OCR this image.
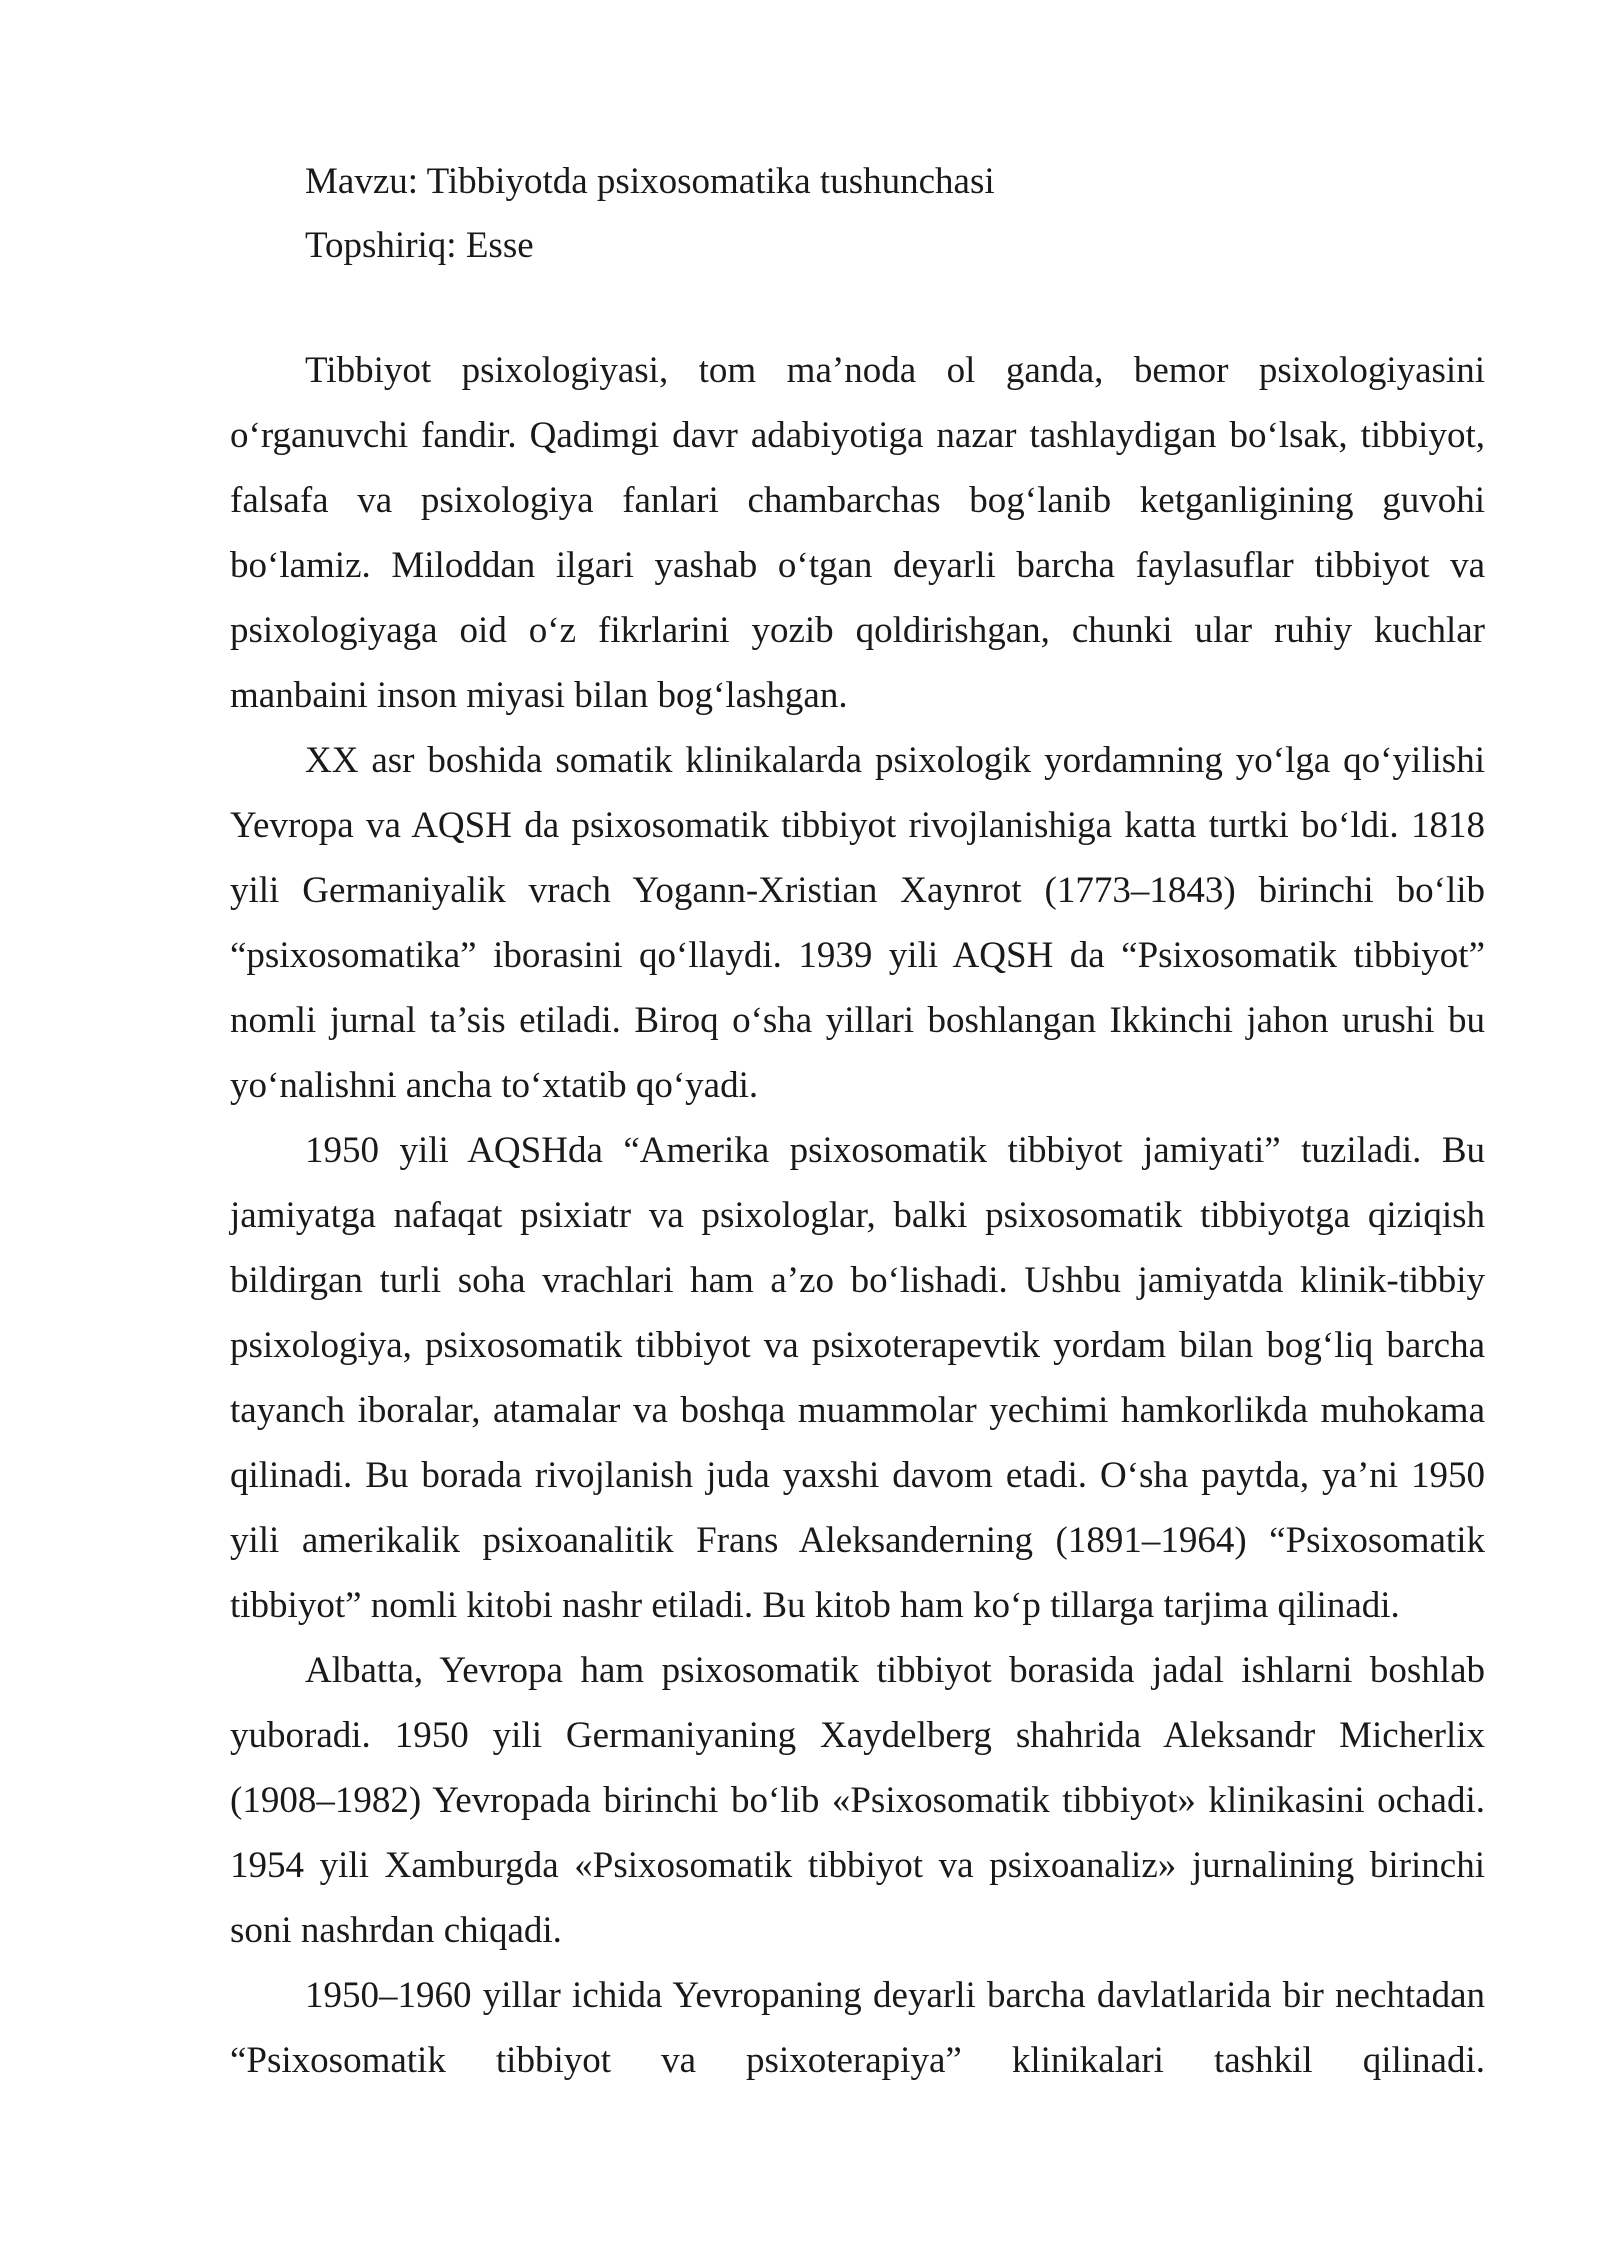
Mavzu: Tibbiyotda psixosomatika tushunchasi

Topshiriq: Esse

Tibbiyot psixologiyasi, tom ma’noda ol ganda, bemor psixologiyasini o‘rganuvchi fandir. Qadimgi davr adabiyotiga nazar tashlaydigan bo‘lsak, tibbiyot, falsafa va psixologiya fanlari chambarchas bog‘lanib ketganligining guvohi bo‘lamiz. Miloddan ilgari yashab o‘tgan deyarli barcha faylasuflar tibbiyot va psixologiyaga oid o‘z fikrlarini yozib qoldirishgan, chunki ular ruhiy kuchlar manbaini inson miyasi bilan bog‘lashgan.

XX asr boshida somatik klinikalarda psixologik yordamning yo‘lga qo‘yilishi Yevropa va AQSH da psixosomatik tibbiyot rivojlanishiga katta turtki bo‘ldi. 1818 yili Germaniyalik vrach Yogann-Xristian Xaynrot (1773–1843) birinchi bo‘lib “psixosomatika” iborasini qo‘llaydi. 1939 yili AQSH da “Psixosomatik tibbiyot” nomli jurnal ta’sis etiladi. Biroq o‘sha yillari boshlangan Ikkinchi jahon urushi bu yo‘nalishni ancha to‘xtatib qo‘yadi.

1950 yili AQSHda “Amerika psixosomatik tibbiyot jamiyati” tuziladi. Bu jamiyatga nafaqat psixiatr va psixologlar, balki psixosomatik tibbiyotga qiziqish bildirgan turli soha vrachlari ham a’zo bo‘lishadi. Ushbu jamiyatda klinik-tibbiy psixologiya, psixosomatik tibbiyot va psixoterapevtik yordam bilan bog‘liq barcha tayanch iboralar, atamalar va boshqa muammolar yechimi hamkorlikda muhokama qilinadi. Bu borada rivojlanish juda yaxshi davom etadi. O‘sha paytda, ya’ni 1950 yili amerikalik psixoanalitik Frans Aleksanderning (1891–1964) “Psixosomatik tibbiyot” nomli kitobi nashr etiladi. Bu kitob ham ko‘p tillarga tarjima qilinadi.

Albatta, Yevropa ham psixosomatik tibbiyot borasida jadal ishlarni boshlab yuboradi. 1950 yili Germaniyaning Xaydelberg shahrida Aleksandr Micherlix (1908–1982) Yevropada birinchi bo‘lib «Psixosomatik tibbiyot» klinikasini ochadi. 1954 yili Xamburgda «Psixosomatik tibbiyot va psixoanaliz» jurnalining birinchi soni nashrdan chiqadi.

1950–1960 yillar ichida Yevropaning deyarli barcha davlatlarida bir nechtadan “Psixosomatik tibbiyot va psixoterapiya” klinikalari tashkil qilinadi.
